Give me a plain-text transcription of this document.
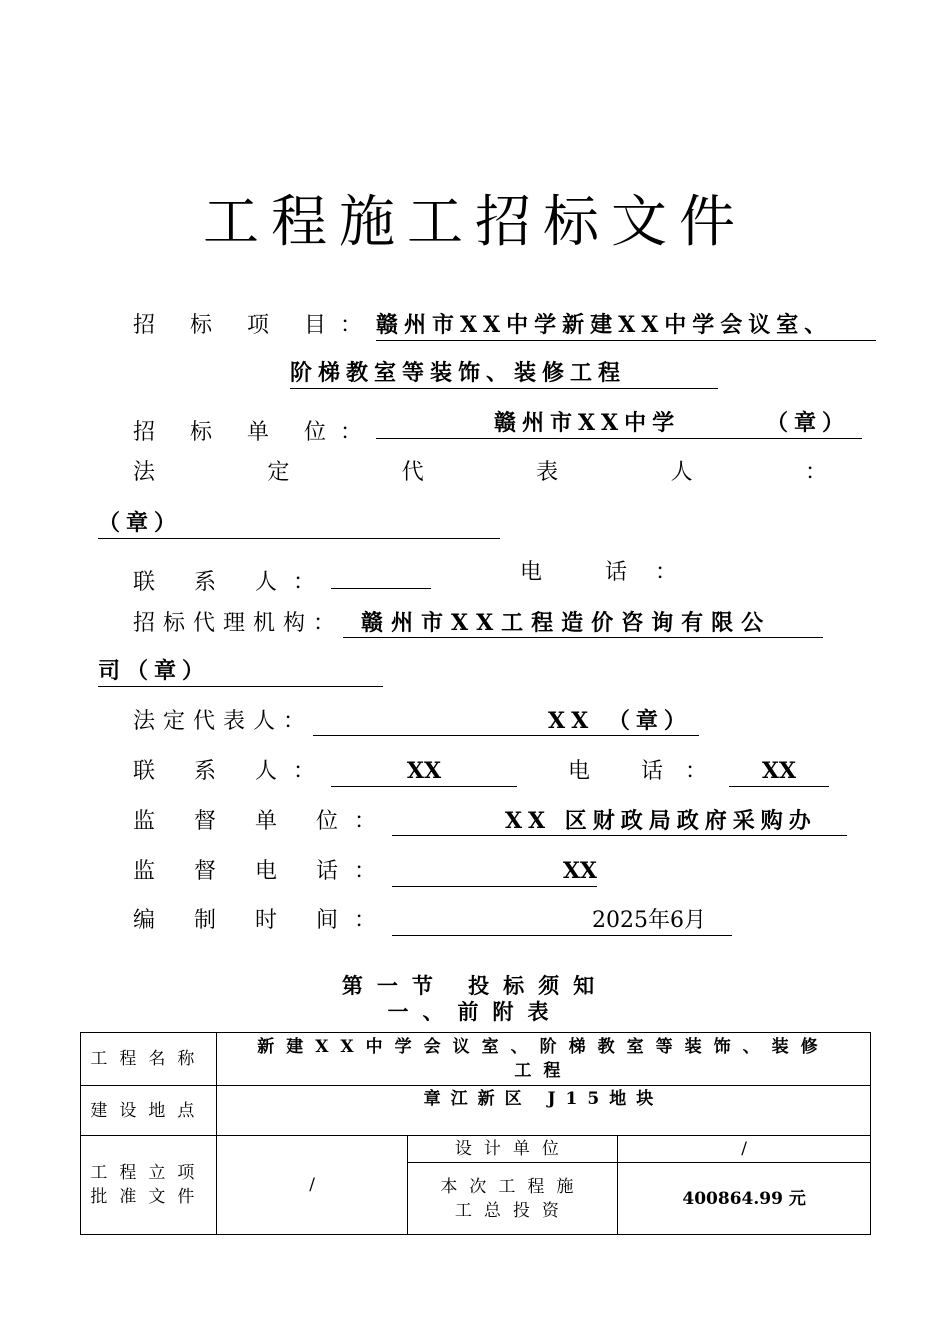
工程施工招标文件
招 标 项 目：赣州市XX中学新建XX中学会议室、
阶梯教室等装饰、装修工程
招 标 单 位：	赣州市XX中学	（章）
法	定	代	表	人	：
（章）
联 系 人：	电 话：
招标代理机构： 赣州市XX工程造价咨询有限公
司（章）
法定代表人：	XX （章）
联 系 人：	XX	电 话： XX
监 督 单 位：	XX 区财政局政府采购办
监 督 电 话：	XX
编 制 时 间：	2025年6月
第一节 投标须知
一、前附表
工程名称	新建XX中学会议室、阶梯教室等装饰、装修工程		
建设地点	章江新区 J15地块		
工程立项批准文件	/	设计单位	/
		本次工程施工总投资	400864.99 元
